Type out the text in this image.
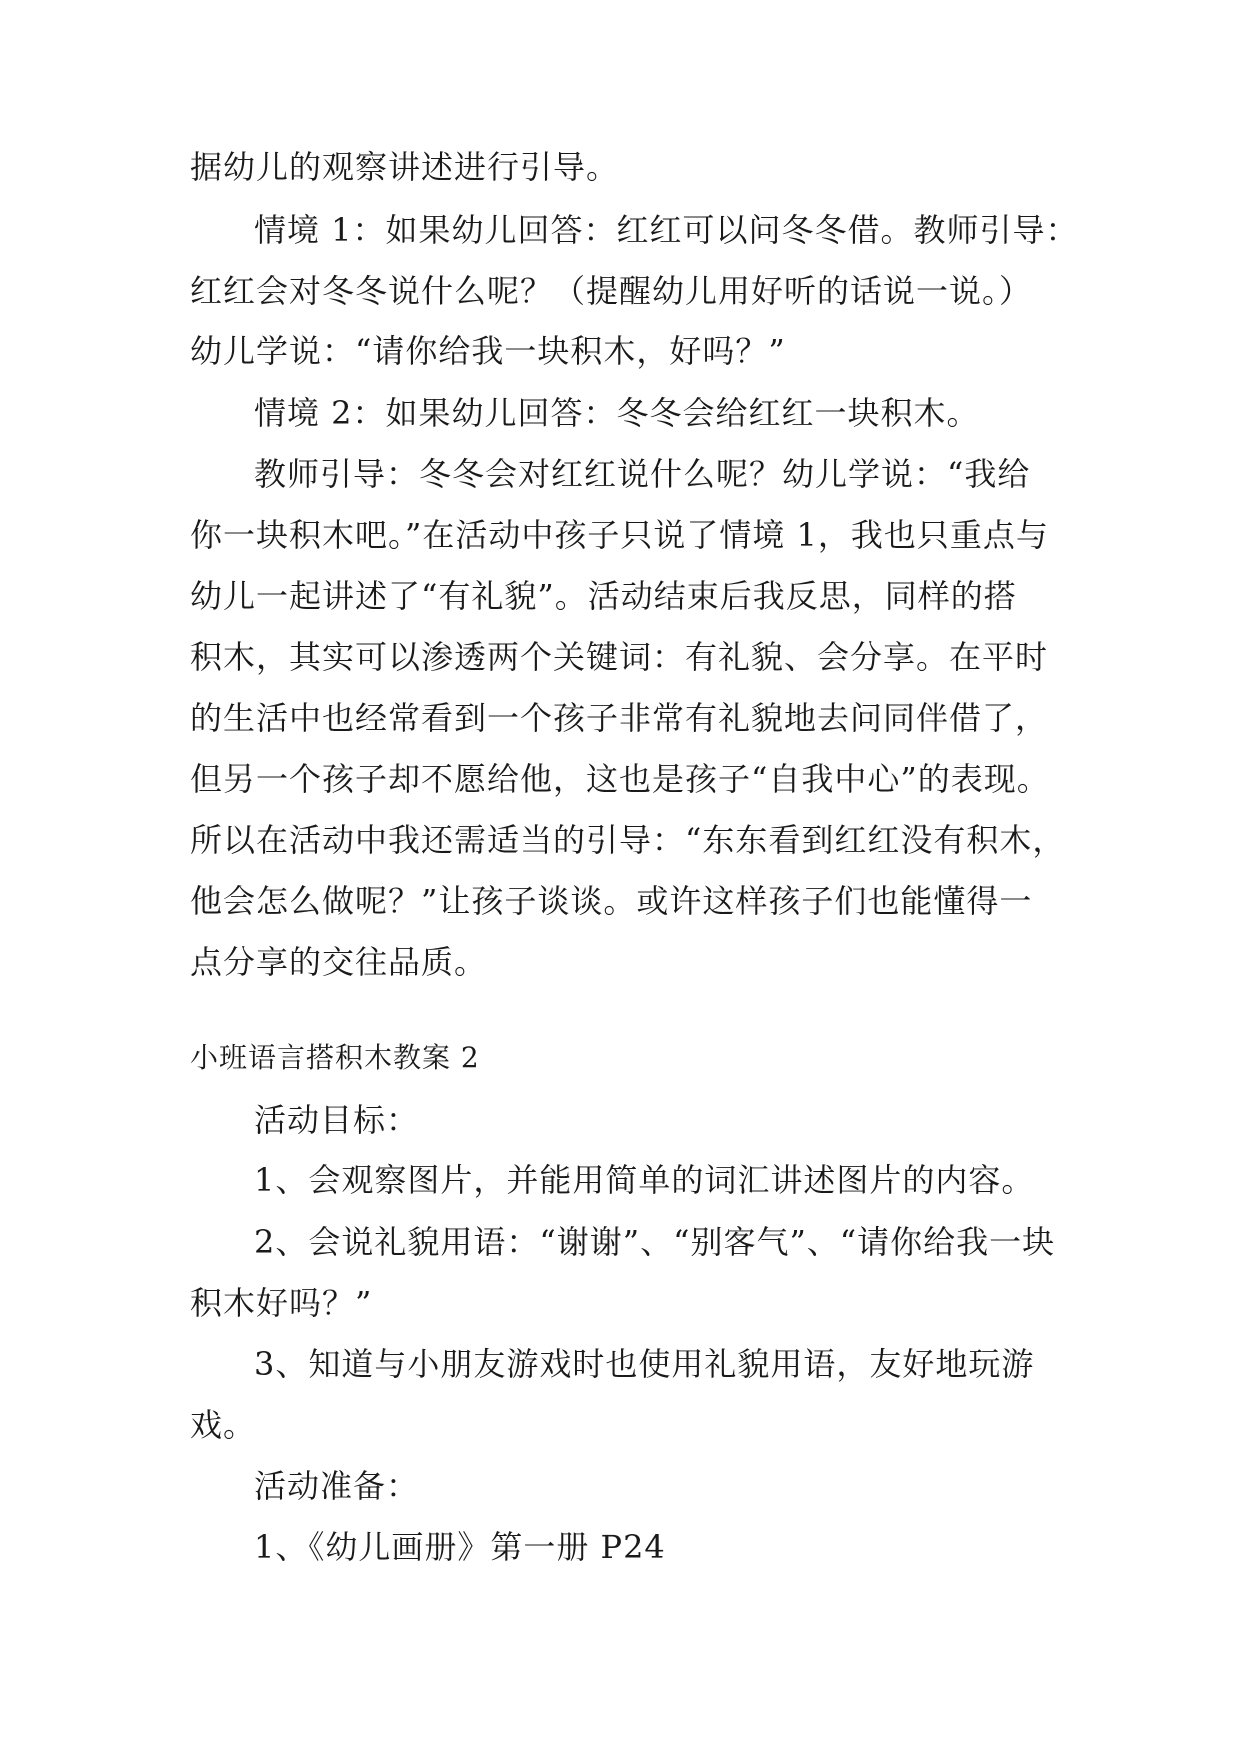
据幼儿的观察讲述进行引导。

情境 1：如果幼儿回答：红红可以问冬冬借。教师引导：

红红会对冬冬说什么呢？（提醒幼儿用好听的话说一说。）

幼儿学说：“请你给我一块积木，好吗？”

情境 2：如果幼儿回答：冬冬会给红红一块积木。

教师引导：冬冬会对红红说什么呢？幼儿学说：“我给

你一块积木吧。”在活动中孩子只说了情境 1，我也只重点与

幼儿一起讲述了“有礼貌”。活动结束后我反思，同样的搭

积木，其实可以渗透两个关键词：有礼貌、会分享。在平时

的生活中也经常看到一个孩子非常有礼貌地去问同伴借了，

但另一个孩子却不愿给他，这也是孩子“自我中心”的表现。

所以在活动中我还需适当的引导：“东东看到红红没有积木，

他会怎么做呢？”让孩子谈谈。或许这样孩子们也能懂得一

点分享的交往品质。

小班语言搭积木教案 2

活动目标：

1、会观察图片，并能用简单的词汇讲述图片的内容。

2、会说礼貌用语：“谢谢”、“别客气”、“请你给我一块

积木好吗？”

3、知道与小朋友游戏时也使用礼貌用语，友好地玩游

戏。

活动准备：

1、《幼儿画册》第一册 P24
